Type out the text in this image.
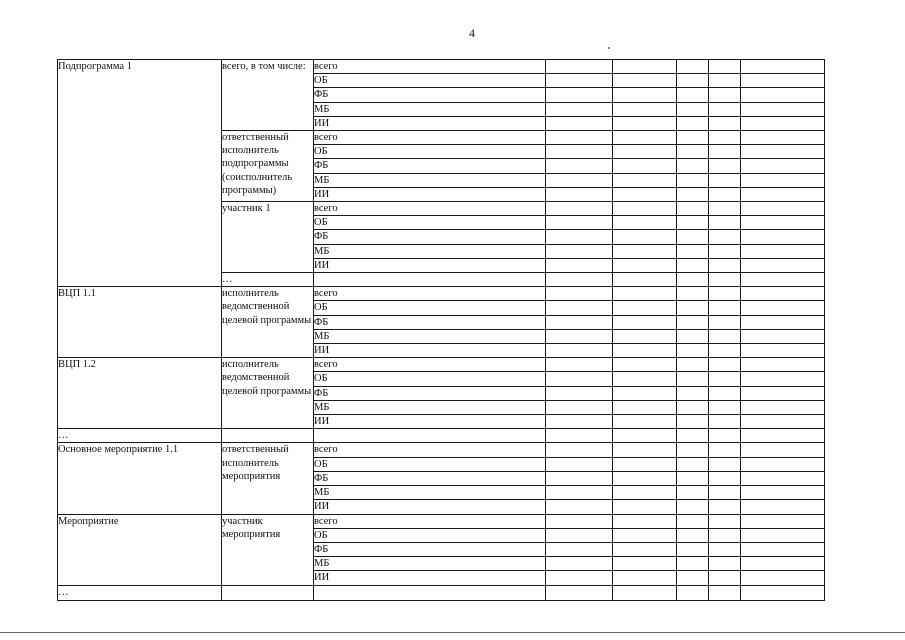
4
Подпрограмма 1	всего, в том числе:	всего					
		ОБ					
		ФБ					
		МБ					
		ИИ					
	ответственный исполнитель подпрограммы (соисполнитель программы)	всего					
		ОБ					
		ФБ					
		МБ					
		ИИ					
	участник 1	всего					
		ОБ					
		ФБ					
		МБ					
		ИИ					
	…						
ВЦП 1.1	исполнитель ведомственной целевой программы	всего					
		ОБ					
		ФБ					
		МБ					
		ИИ					
ВЦП 1.2	исполнитель ведомственной целевой программы	всего					
		ОБ					
		ФБ					
		МБ					
		ИИ					
…							
Основное мероприятие 1.1	ответственный исполнитель мероприятия	всего					
		ОБ					
		ФБ					
		МБ					
		ИИ					
Мероприятие	участник мероприятия	всего					
		ОБ					
		ФБ					
		МБ					
		ИИ					
…							
